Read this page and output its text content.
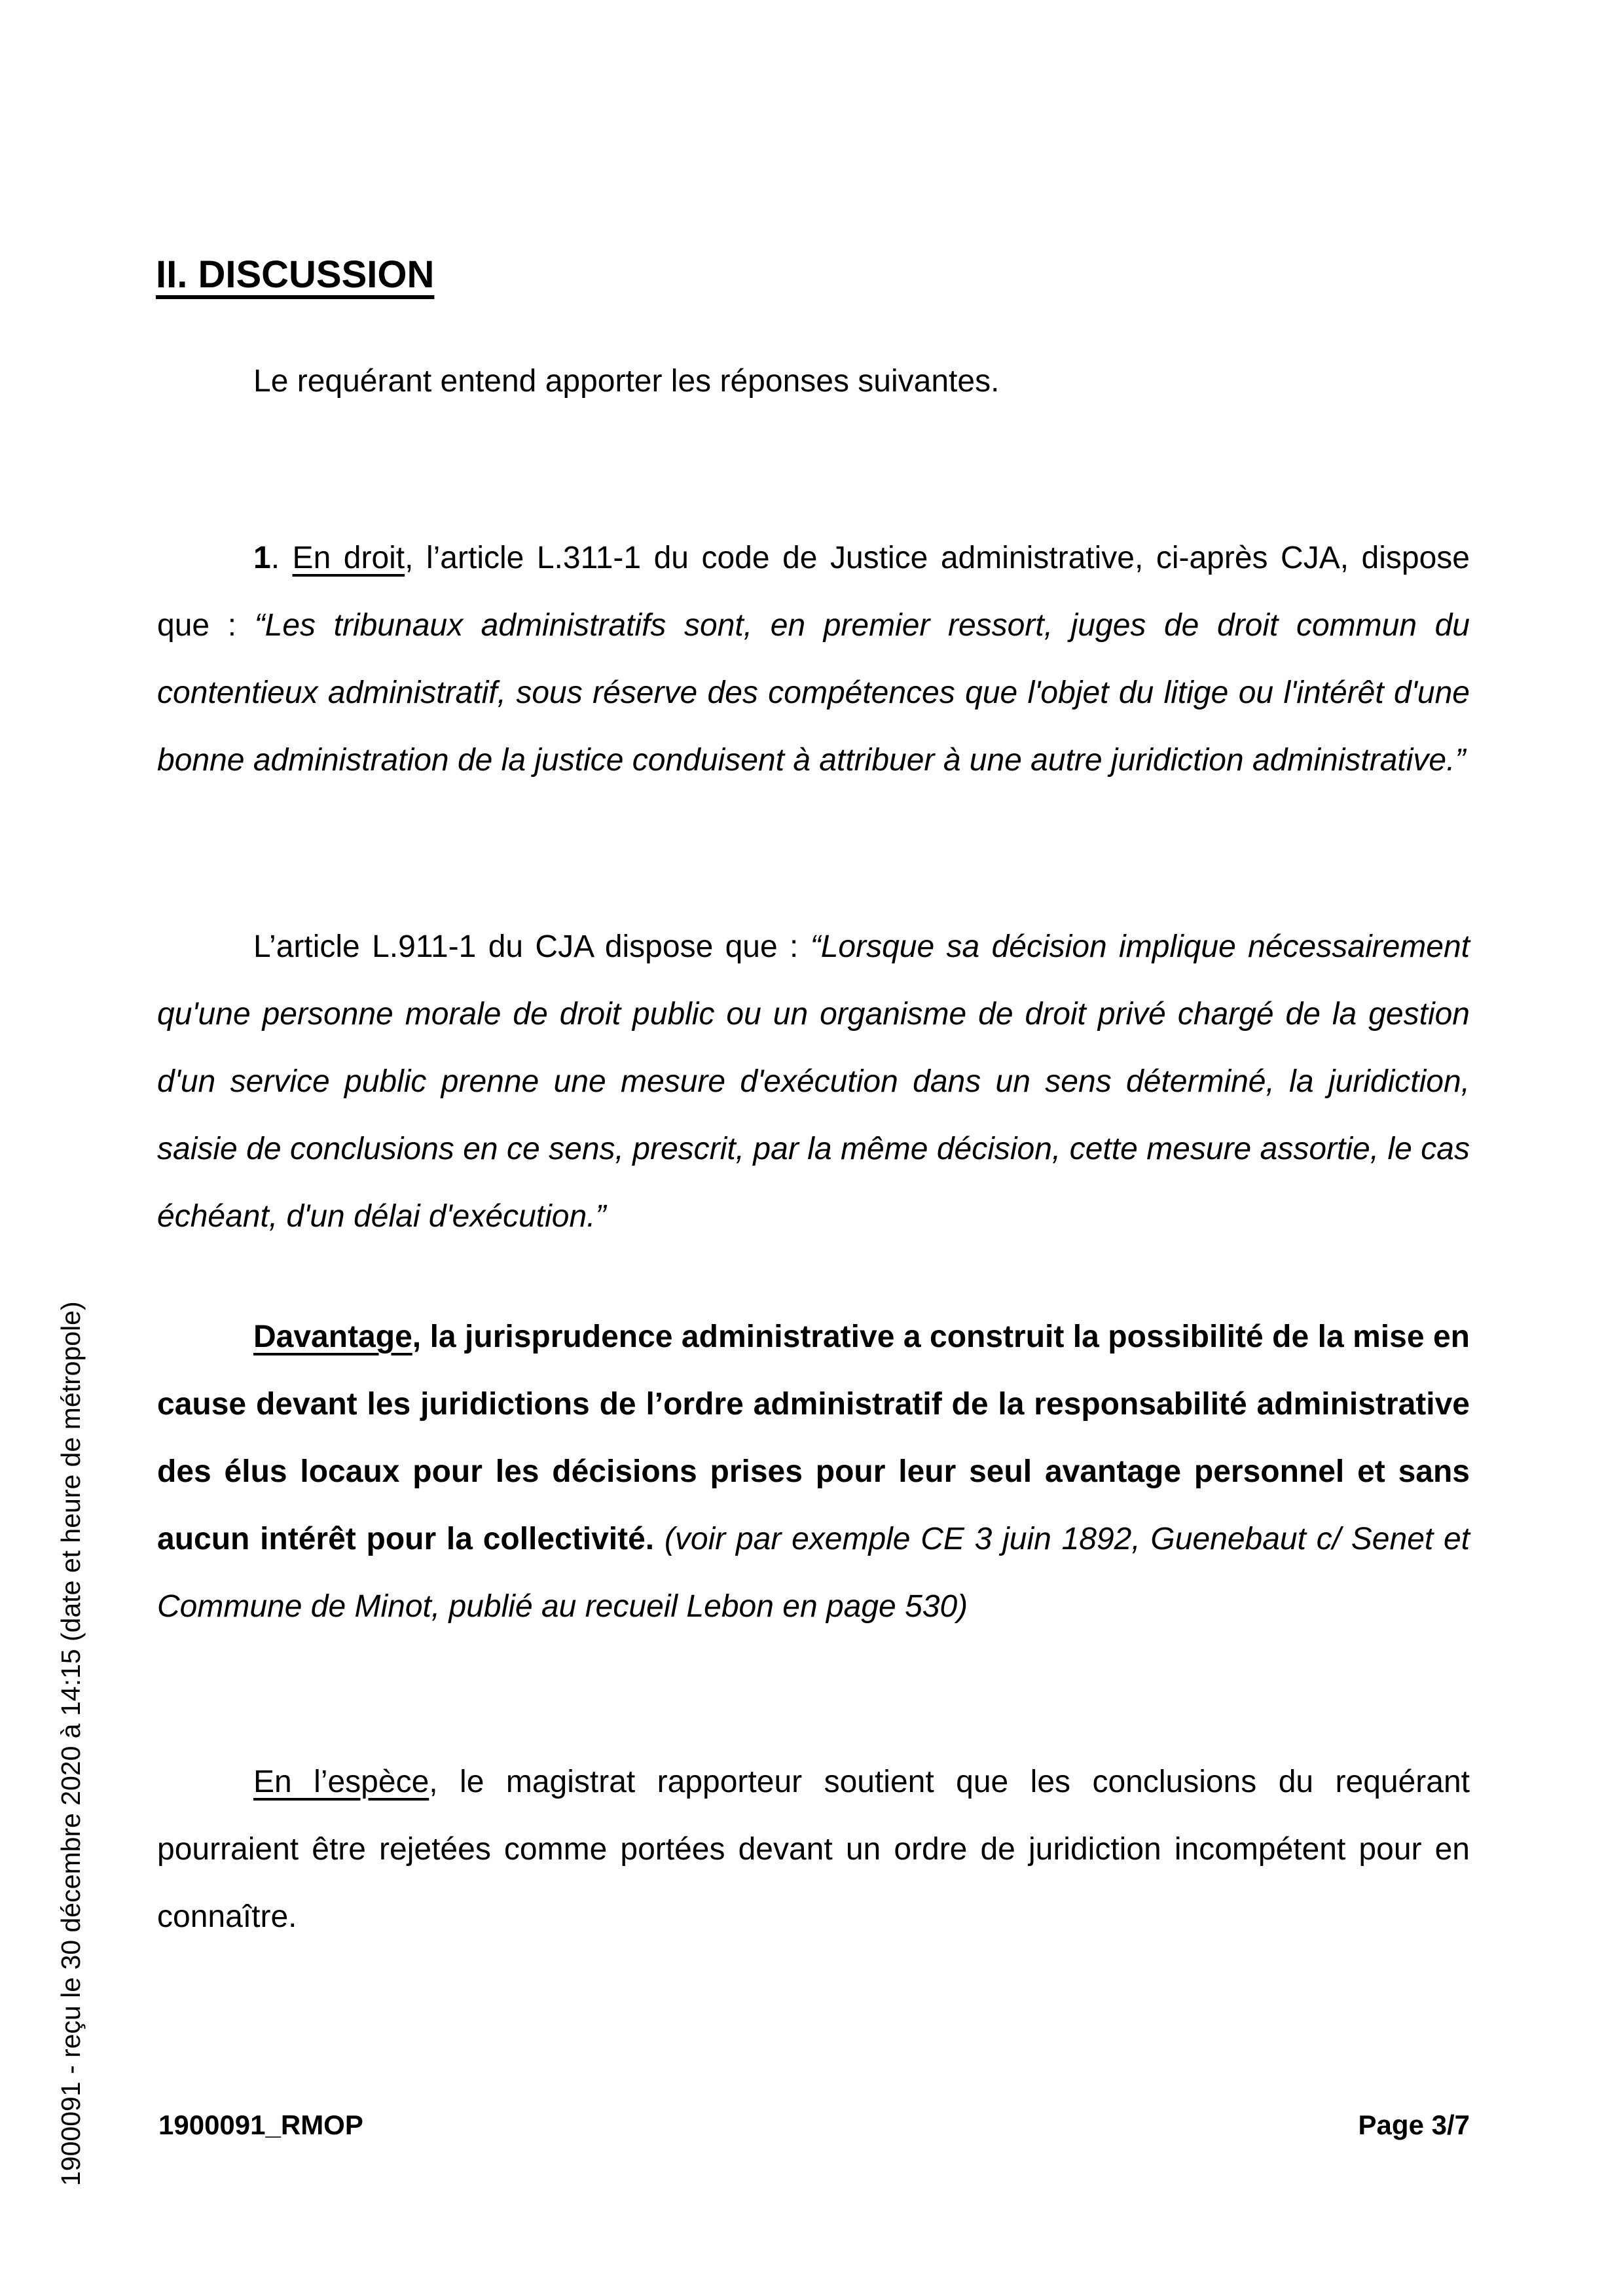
1900091 - reçu le 30 décembre 2020 à 14:15 (date et heure de métropole)
II. DISCUSSION

Le requérant entend apporter les réponses suivantes.

1. En droit, l’article L.311-1 du code de Justice administrative, ci-après CJA, dispose que : “Les tribunaux administratifs sont, en premier ressort, juges de droit commun du contentieux administratif, sous réserve des compétences que l'objet du litige ou l'intérêt d'une bonne administration de la justice conduisent à attribuer à une autre juridiction administrative.”

L’article L.911-1 du CJA dispose que : “Lorsque sa décision implique nécessairement qu'une personne morale de droit public ou un organisme de droit privé chargé de la gestion d'un service public prenne une mesure d'exécution dans un sens déterminé, la juridiction, saisie de conclusions en ce sens, prescrit, par la même décision, cette mesure assortie, le cas échéant, d'un délai d'exécution.”

Davantage, la jurisprudence administrative a construit la possibilité de la mise en cause devant les juridictions de l’ordre administratif de la responsabilité administrative des élus locaux pour les décisions prises pour leur seul avantage personnel et sans aucun intérêt pour la collectivité. (voir par exemple CE 3 juin 1892, Guenebaut c/ Senet et Commune de Minot, publié au recueil Lebon en page 530)

En l’espèce, le magistrat rapporteur soutient que les conclusions du requérant pourraient être rejetées comme portées devant un ordre de juridiction incompétent pour en connaître.

1900091_RMOP	Page 3/7
